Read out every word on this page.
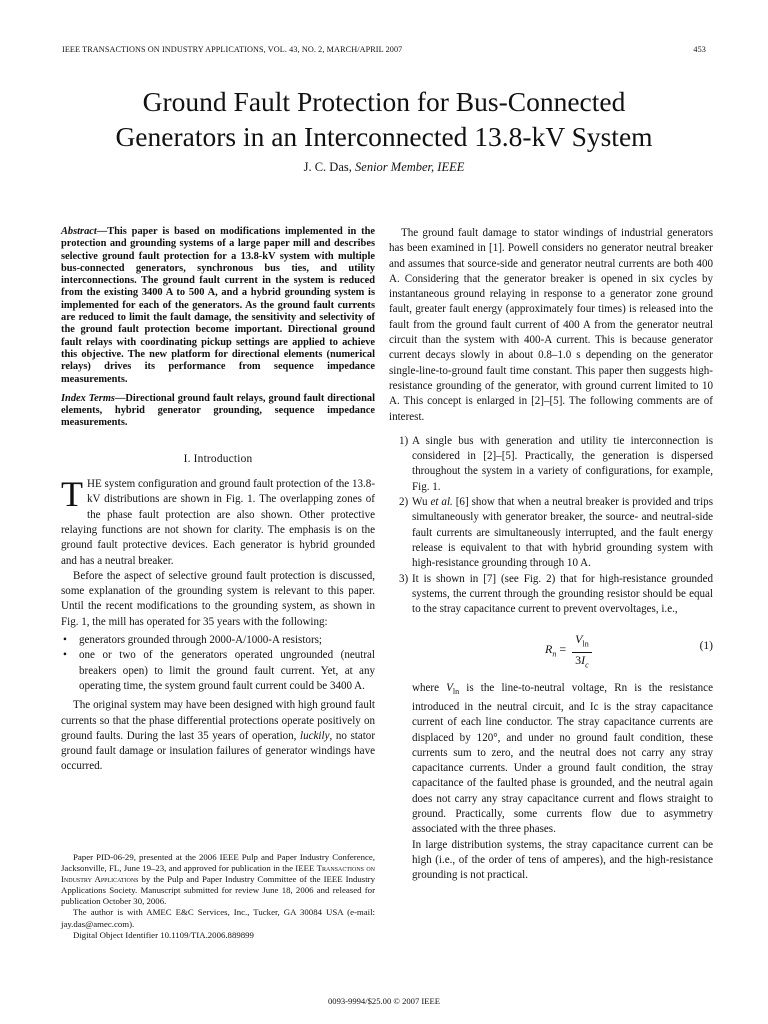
IEEE TRANSACTIONS ON INDUSTRY APPLICATIONS, VOL. 43, NO. 2, MARCH/APRIL 2007	453
Ground Fault Protection for Bus-Connected
Generators in an Interconnected 13.8-kV System
J. C. Das, Senior Member, IEEE
Abstract—This paper is based on modifications implemented in the protection and grounding systems of a large paper mill and describes selective ground fault protection for a 13.8-kV system with multiple bus-connected generators, synchronous bus ties, and utility interconnections. The ground fault current in the system is reduced from the existing 3400 A to 500 A, and a hybrid grounding system is implemented for each of the generators. As the ground fault currents are reduced to limit the fault damage, the sensitivity and selectivity of the ground fault protection become important. Directional ground fault relays with coordinating pickup settings are applied to achieve this objective. The new platform for directional elements (numerical relays) drives its performance from sequence impedance measurements.
Index Terms—Directional ground fault relays, ground fault directional elements, hybrid generator grounding, sequence impedance measurements.
I. Introduction
THE system configuration and ground fault protection of the 13.8-kV distributions are shown in Fig. 1. The overlapping zones of the phase fault protection are also shown. Other protective relaying functions are not shown for clarity. The emphasis is on the ground fault protective devices. Each generator is hybrid grounded and has a neutral breaker.

Before the aspect of selective ground fault protection is discussed, some explanation of the grounding system is relevant to this paper. Until the recent modifications to the grounding system, as shown in Fig. 1, the mill has operated for 35 years with the following:

• generators grounded through 2000-A/1000-A resistors;
• one or two of the generators operated ungrounded (neutral breakers open) to limit the ground fault current. Yet, at any operating time, the system ground fault current could be 3400 A.

The original system may have been designed with high ground fault currents so that the phase differential protections operate positively on ground faults. During the last 35 years of operation, luckily, no stator ground fault damage or insulation failures of generator windings have occurred.

Paper PID-06-29, presented at the 2006 IEEE Pulp and Paper Industry Conference, Jacksonville, FL, June 19–23, and approved for publication in the IEEE Transactions on Industry Applications by the Pulp and Paper Industry Committee of the IEEE Industry Applications Society. Manuscript submitted for review June 18, 2006 and released for publication October 30, 2006.

The author is with AMEC E&C Services, Inc., Tucker, GA 30084 USA (e-mail: jay.das@amec.com).

Digital Object Identifier 10.1109/TIA.2006.889899

The ground fault damage to stator windings of industrial generators has been examined in [1]. Powell considers no generator neutral breaker and assumes that source-side and generator neutral currents are both 400 A. Considering that the generator breaker is opened in six cycles by instantaneous ground relaying in response to a generator zone ground fault, greater fault energy (approximately four times) is released into the fault from the ground fault current of 400 A from the generator neutral circuit than the system with 400-A current. This is because generator current decays slowly in about 0.8–1.0 s depending on the generator single-line-to-ground fault time constant. This paper then suggests high-resistance grounding of the generator, with ground current limited to 10 A. This concept is enlarged in [2]–[5]. The following comments are of interest.

1) A single bus with generation and utility tie interconnection is considered in [2]–[5]. Practically, the generation is dispersed throughout the system in a variety of configurations, for example, Fig. 1.
2) Wu et al. [6] show that when a neutral breaker is provided and trips simultaneously with generator breaker, the source- and neutral-side fault currents are simultaneously interrupted, and the fault energy release is equivalent to that with hybrid grounding system with high-resistance grounding through 10 A.
3) It is shown in [7] (see Fig. 2) that for high-resistance grounded systems, the current through the grounding resistor should be equal to the stray capacitance current to prevent overvoltages, i.e.,
$R_n = \frac{V_{ln}}{3I_c}$	(1)
where $V_{ln}$ is the line-to-neutral voltage, Rn is the resistance introduced in the neutral circuit, and Ic is the stray capacitance current of each line conductor. The stray capacitance currents are displaced by 120°, and under no ground fault condition, these currents sum to zero, and the neutral does not carry any stray capacitance currents. Under a ground fault condition, the stray capacitance of the faulted phase is grounded, and the neutral again does not carry any stray capacitance current and flows straight to ground. Practically, some currents flow due to asymmetry associated with the three phases.
In large distribution systems, the stray capacitance current can be high (i.e., of the order of tens of amperes), and the high-resistance grounding is not practical.
0093-9994/$25.00 © 2007 IEEE
